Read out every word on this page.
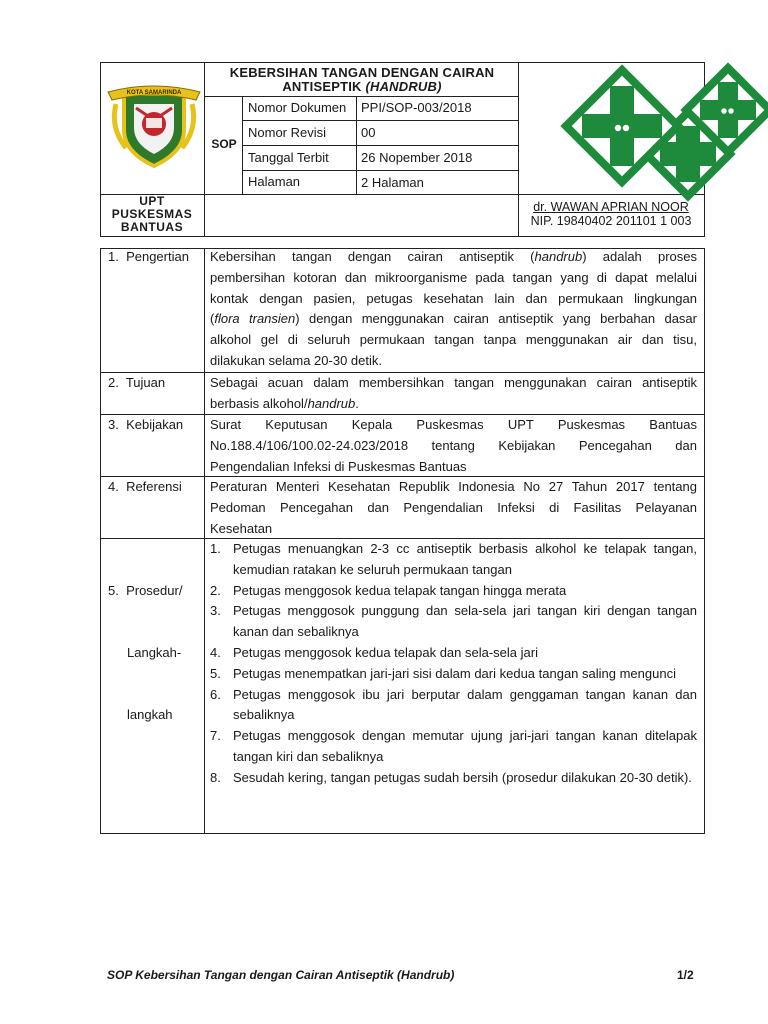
KOTA SAMARINDA
KEBERSIHAN TANGAN DENGAN CAIRAN
ANTISEPTIK (HANDRUB)
SOP
Nomor Dokumen PPI/SOP-003/2018
Nomor Revisi	00
Tanggal Terbit 26 Nopember 2018
Halaman	2 Halaman
UPT
PUSKESMAS
BANTUAS
dr. WAWAN APRIAN NOOR
NIP. 19840402 201101 1 003
1.  Pengertian Kebersihan tangan dengan cairan antiseptik (handrub) adalah proses

pembersihan kotoran dan mikroorganisme pada tangan yang di dapat melalui

kontak dengan pasien, petugas kesehatan lain dan permukaan lingkungan

(flora transien) dengan menggunakan cairan antiseptik yang berbahan dasar

alkohol gel di seluruh permukaan tangan tanpa menggunakan air dan tisu,

dilakukan selama 20-30 detik.

2.  Tujuan	Sebagai acuan dalam membersihkan tangan menggunakan cairan antiseptik

berbasis alkohol/handrub.

3.  Kebijakan Surat Keputusan Kepala Puskesmas UPT Puskesmas Bantuas

No.188.4/106/100.02-24.023/2018 tentang Kebijakan Pencegahan dan

Pengendalian Infeksi di Puskesmas Bantuas

4.  Referensi Peraturan Menteri Kesehatan Republik Indonesia No 27 Tahun 2017 tentang

Pedoman Pencegahan dan Pengendalian Infeksi di Fasilitas Pelayanan

Kesehatan

5.  Prosedur/

Langkah-

langkah

1. Petugas menuangkan 2-3 cc antiseptik berbasis alkohol ke telapak tangan, kemudian ratakan ke seluruh permukaan tangan
2. Petugas menggosok kedua telapak tangan hingga merata
3. Petugas menggosok punggung dan sela-sela jari tangan kiri dengan tangan kanan dan sebaliknya
4. Petugas menggosok kedua telapak dan sela-sela jari
5. Petugas menempatkan jari-jari sisi dalam dari kedua tangan saling mengunci
6. Petugas menggosok ibu jari berputar dalam genggaman tangan kanan dan sebaliknya
7. Petugas menggosok dengan memutar ujung jari-jari tangan kanan ditelapak tangan kiri dan sebaliknya
8. Sesudah kering, tangan petugas sudah bersih (prosedur dilakukan 20-30 detik).
SOP Kebersihan Tangan dengan Cairan Antiseptik (Handrub)	1/2
